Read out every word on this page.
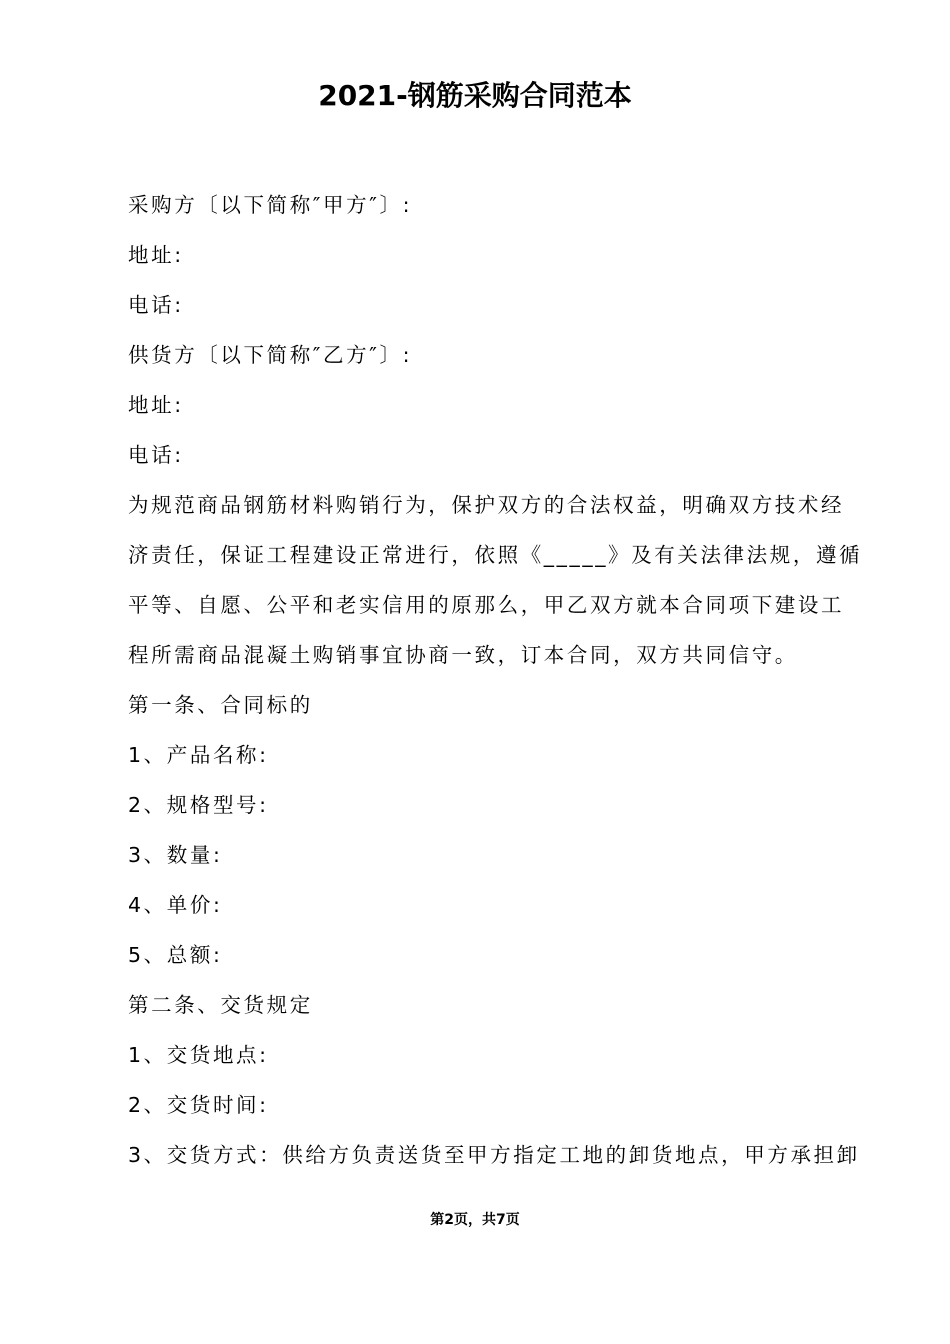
2021-钢筋采购合同范本
采购方〔以下简称″甲方″〕:
地址:
电话:
供货方〔以下简称″乙方″〕:
地址:
电话:
为规范商品钢筋材料购销行为，保护双方的合法权益，明确双方技术经
济责任，保证工程建设正常进行，依照《_____》及有关法律法规，遵循
平等、自愿、公平和老实信用的原那么，甲乙双方就本合同项下建设工
程所需商品混凝土购销事宜协商一致，订本合同，双方共同信守。
第一条、合同标的
1、产品名称:
2、规格型号:
3、数量:
4、单价:
5、总额:
第二条、交货规定
1、交货地点:
2、交货时间:
3、交货方式：供给方负责送货至甲方指定工地的卸货地点，甲方承担卸
第2页，共7页
